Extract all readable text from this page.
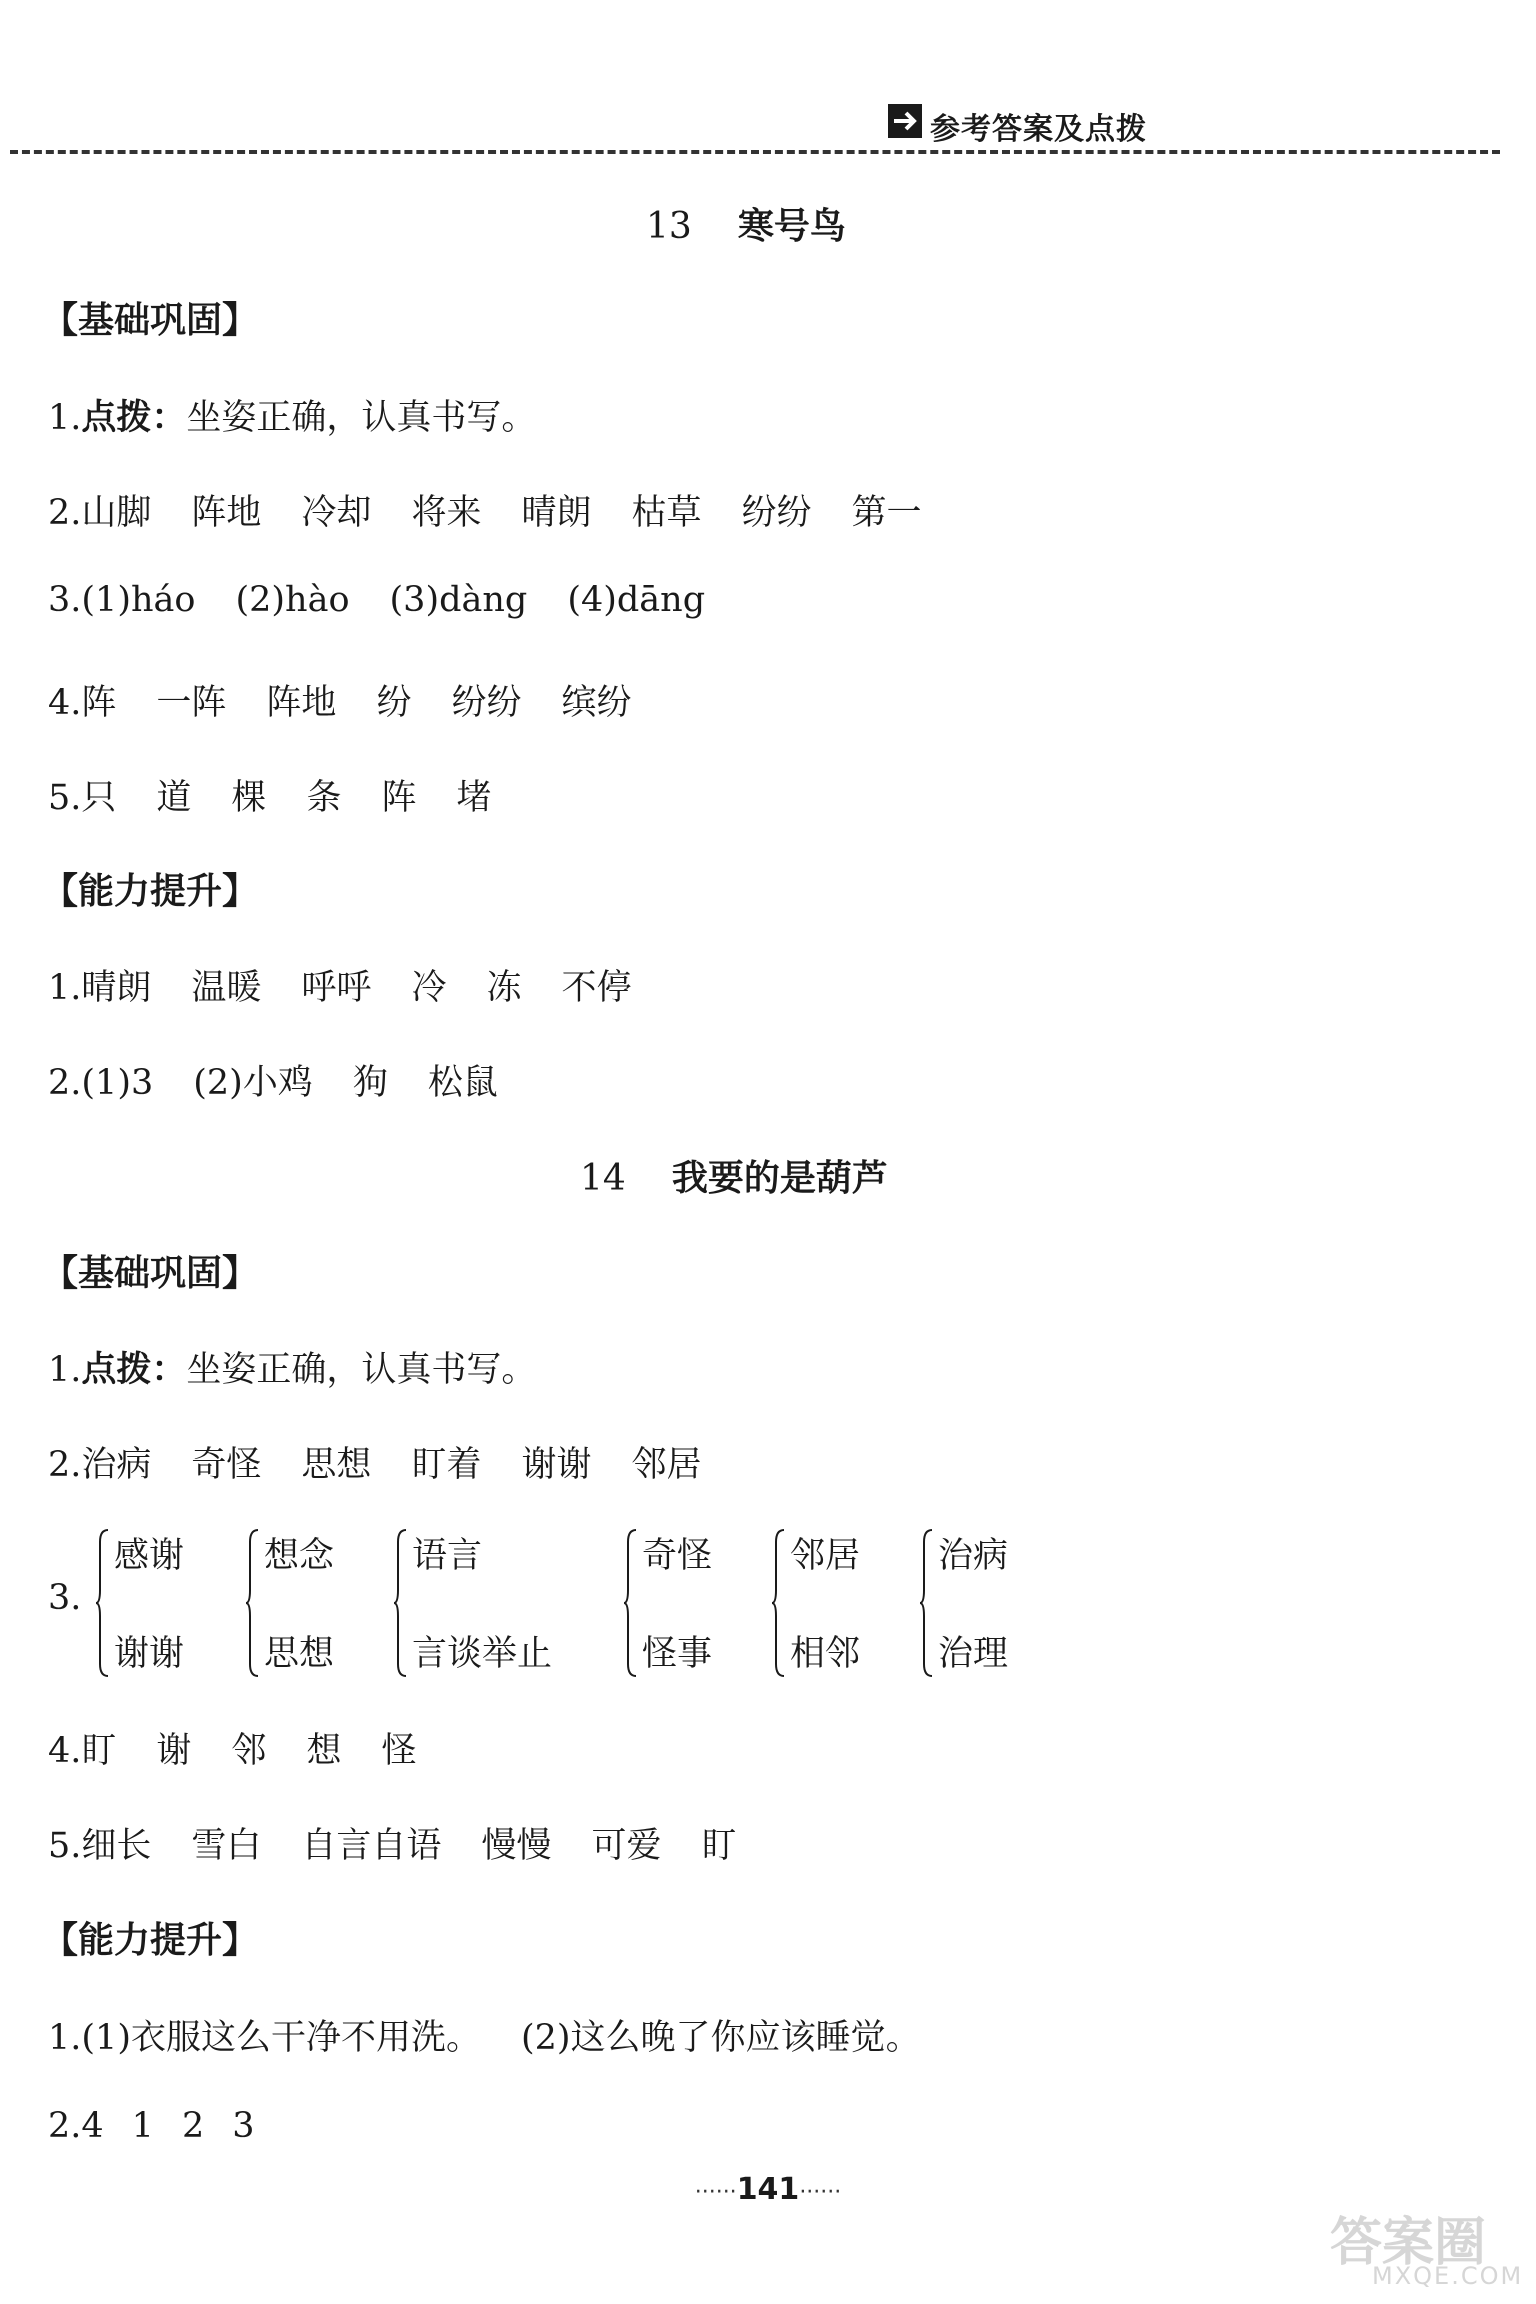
参考答案及点拨
13 寒号鸟
【基础巩固】
1.点拨：坐姿正确，认真书写。
2.山脚 阵地 冷却 将来 晴朗 枯草 纷纷 第一
3.(1)háo (2)hào (3)dàng (4)dāng
4.阵 一阵 阵地 纷 纷纷 缤纷
5.只 道 棵 条 阵 堵
【能力提升】
1.晴朗 温暖 呼呼 冷 冻 不停
2.(1)3 (2)小鸡 狗 松鼠
14 我要的是葫芦
【基础巩固】
1.点拨：坐姿正确，认真书写。
2.治病 奇怪 思想 盯着 谢谢 邻居
3.
感谢
谢谢
想念
思想
语言
言谈举止
奇怪
怪事
邻居
相邻
治病
治理
4.盯 谢 邻 想 怪
5.细长 雪白 自言自语 慢慢 可爱 盯
【能力提升】
1.(1)衣服这么干净不用洗。 (2)这么晚了你应该睡觉。
2.4 1 2 3
······141······
答案圈
MXQE.COM
